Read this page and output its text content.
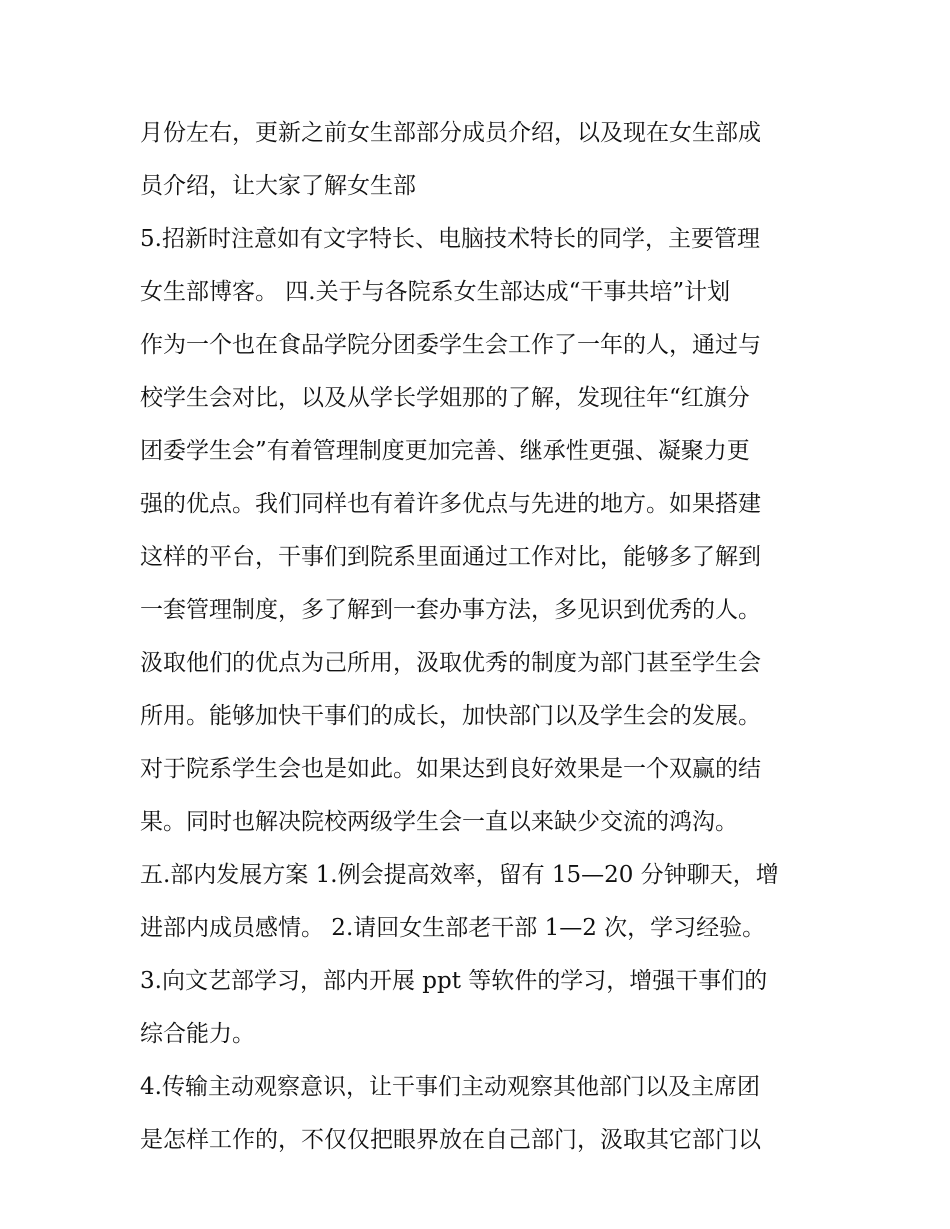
月份左右，更新之前女生部部分成员介绍，以及现在女生部成
员介绍，让大家了解女生部
5.招新时注意如有文字特长、电脑技术特长的同学，主要管理
女生部博客。 四.关于与各院系女生部达成“干事共培”计划
作为一个也在食品学院分团委学生会工作了一年的人，通过与
校学生会对比，以及从学长学姐那的了解，发现往年“红旗分
团委学生会”有着管理制度更加完善、继承性更强、凝聚力更
强的优点。我们同样也有着许多优点与先进的地方。如果搭建
这样的平台，干事们到院系里面通过工作对比，能够多了解到
一套管理制度，多了解到一套办事方法，多见识到优秀的人。
汲取他们的优点为己所用，汲取优秀的制度为部门甚至学生会
所用。能够加快干事们的成长，加快部门以及学生会的发展。
对于院系学生会也是如此。如果达到良好效果是一个双赢的结
果。同时也解决院校两级学生会一直以来缺少交流的鸿沟。
五.部内发展方案 1.例会提高效率，留有 15—20 分钟聊天，增
进部内成员感情。 2.请回女生部老干部 1—2 次，学习经验。
3.向文艺部学习，部内开展 ppt 等软件的学习，增强干事们的
综合能力。
4.传输主动观察意识，让干事们主动观察其他部门以及主席团
是怎样工作的，不仅仅把眼界放在自己部门，汲取其它部门以
